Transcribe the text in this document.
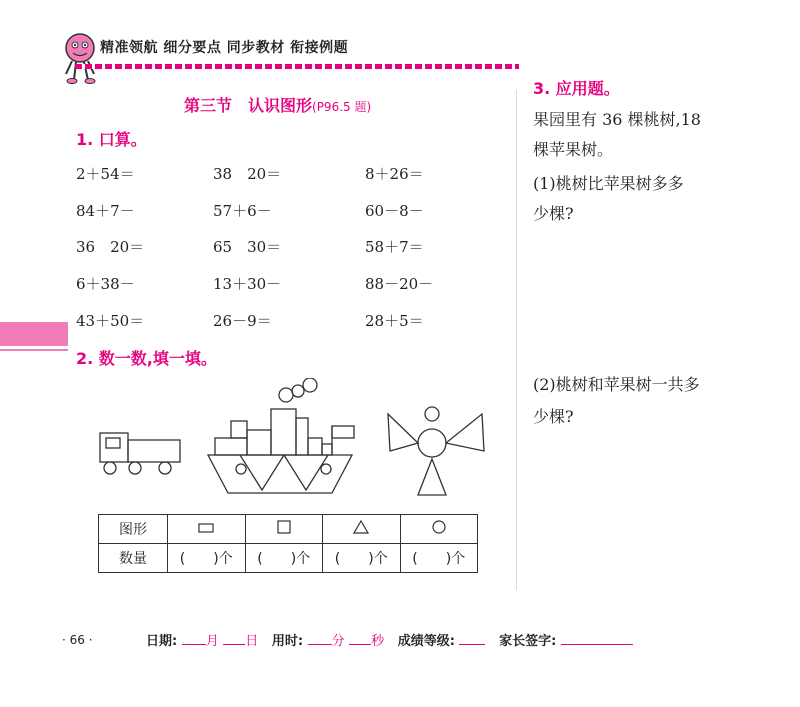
精准领航 细分要点 同步教材 衔接例题
第三节　认识图形(P96.5 题)
1. 口算。
2＋54＝	38　20＝	8＋26＝
84＋7－	57＋6－	60－8－
36　20＝	65　30＝	58＋7＝
6＋38－	13＋30－	88－20－
43＋50＝	26－9＝	28＋5＝
2. 数一数,填一填。
图形				
数量	(　　)个	(　　)个	(　　)个	(　　)个
3. 应用题。
果园里有 36 棵桃树,18
棵苹果树。
(1)桃树比苹果树多多
少棵?
(2)桃树和苹果树一共多
少棵?
· 66 ·	日期: 月 日 用时: 分 秒 成绩等级:	家长签字:
